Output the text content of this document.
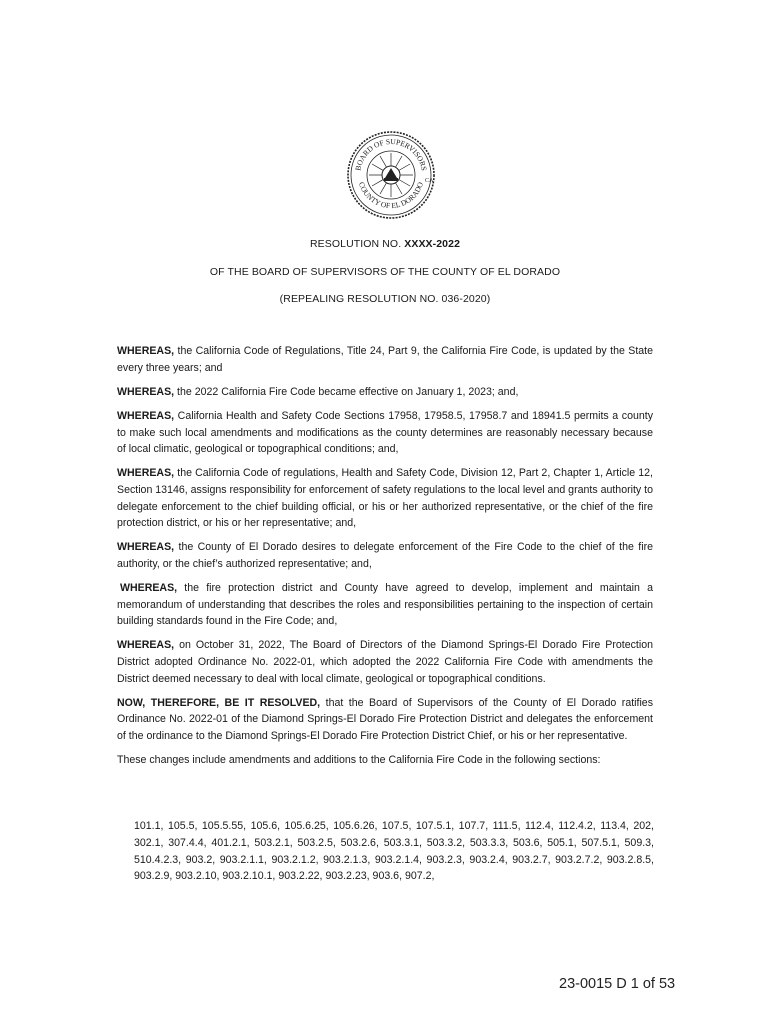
BOARD OF SUPERVISORS
COUNTY OF EL DORADO CA
RESOLUTION NO. XXXX-2022
OF THE BOARD OF SUPERVISORS OF THE COUNTY OF EL DORADO
(REPEALING RESOLUTION NO. 036-2020)

WHEREAS, the California Code of Regulations, Title 24, Part 9, the California Fire Code, is updated by the State every three years; and

WHEREAS, the 2022 California Fire Code became effective on January 1, 2023; and,

WHEREAS, California Health and Safety Code Sections 17958, 17958.5, 17958.7 and 18941.5 permits a county to make such local amendments and modifications as the county determines are reasonably necessary because of local climatic, geological or topographical conditions; and,

WHEREAS, the California Code of regulations, Health and Safety Code, Division 12, Part 2, Chapter 1, Article 12, Section 13146, assigns responsibility for enforcement of safety regulations to the local level and grants authority to delegate enforcement to the chief building official, or his or her authorized representative, or the chief of the fire protection district, or his or her representative; and,

WHEREAS, the County of El Dorado desires to delegate enforcement of the Fire Code to the chief of the fire authority, or the chief’s authorized representative; and,

WHEREAS, the fire protection district and County have agreed to develop, implement and maintain a memorandum of understanding that describes the roles and responsibilities pertaining to the inspection of certain building standards found in the Fire Code; and,

WHEREAS, on October 31, 2022, The Board of Directors of the Diamond Springs-El Dorado Fire Protection District adopted Ordinance No. 2022-01, which adopted the 2022 California Fire Code with amendments the District deemed necessary to deal with local climate, geological or topographical conditions.

NOW, THEREFORE, BE IT RESOLVED, that the Board of Supervisors of the County of El Dorado ratifies Ordinance No. 2022-01 of the Diamond Springs-El Dorado Fire Protection District and delegates the enforcement of the ordinance to the Diamond Springs-El Dorado Fire Protection District Chief, or his or her representative.

These changes include amendments and additions to the California Fire Code in the following sections:

101.1, 105.5, 105.5.55, 105.6, 105.6.25, 105.6.26, 107.5, 107.5.1, 107.7, 111.5, 112.4, 112.4.2, 113.4, 202, 302.1, 307.4.4, 401.2.1, 503.2.1, 503.2.5, 503.2.6, 503.3.1, 503.3.2, 503.3.3, 503.6, 505.1, 507.5.1, 509.3, 510.4.2.3, 903.2, 903.2.1.1, 903.2.1.2, 903.2.1.3, 903.2.1.4, 903.2.3, 903.2.4, 903.2.7, 903.2.7.2, 903.2.8.5, 903.2.9, 903.2.10, 903.2.10.1, 903.2.22, 903.2.23, 903.6, 907.2,
23-0015 D 1 of 53
